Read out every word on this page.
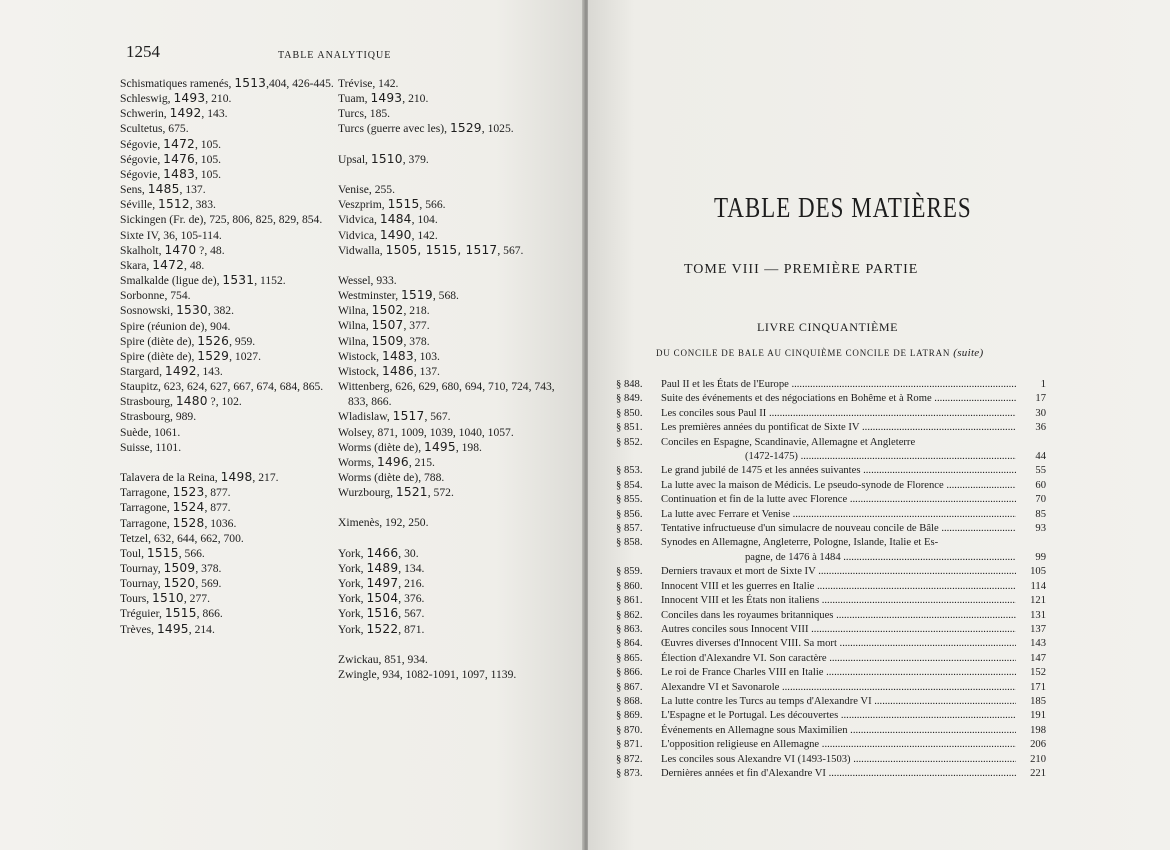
1254	TABLE ANALYTIQUE
Schismatiques ramenés, 1513,404, 426-445.
Schleswig, 1493, 210.
Schwerin, 1492, 143.
Scultetus, 675.
Ségovie, 1472, 105.
Ségovie, 1476, 105.
Ségovie, 1483, 105.
Sens, 1485, 137.
Séville, 1512, 383.
Sickingen (Fr. de), 725, 806, 825, 829, 854.
Sixte IV, 36, 105-114.
Skalholt, 1470 ?, 48.
Skara, 1472, 48.
Smalkalde (ligue de), 1531, 1152.
Sorbonne, 754.
Sosnowski, 1530, 382.
Spire (réunion de), 904.
Spire (diète de), 1526, 959.
Spire (diète de), 1529, 1027.
Stargard, 1492, 143.
Staupitz, 623, 624, 627, 667, 674, 684, 865.
Strasbourg, 1480 ?, 102.
Strasbourg, 989.
Suède, 1061.
Suisse, 1101.
Talavera de la Reina, 1498, 217.
Tarragone, 1523, 877.
Tarragone, 1524, 877.
Tarragone, 1528, 1036.
Tetzel, 632, 644, 662, 700.
Toul, 1515, 566.
Tournay, 1509, 378.
Tournay, 1520, 569.
Tours, 1510, 277.
Tréguier, 1515, 866.
Trèves, 1495, 214.
Trévise, 142.
Tuam, 1493, 210.
Turcs, 185.
Turcs (guerre avec les), 1529, 1025.
Upsal, 1510, 379.
Venise, 255.
Veszprim, 1515, 566.
Vidvica, 1484, 104.
Vidvica, 1490, 142.
Vidwalla, 1505, 1515, 1517, 567.
Wessel, 933.
Westminster, 1519, 568.
Wilna, 1502, 218.
Wilna, 1507, 377.
Wilna, 1509, 378.
Wistock, 1483, 103.
Wistock, 1486, 137.
Wittenberg, 626, 629, 680, 694, 710, 724, 743, 833, 866.
Wladislaw, 1517, 567.
Wolsey, 871, 1009, 1039, 1040, 1057.
Worms (diète de), 1495, 198.
Worms, 1496, 215.
Worms (diète de), 788.
Wurzbourg, 1521, 572.
Ximenès, 192, 250.
York, 1466, 30.
York, 1489, 134.
York, 1497, 216.
York, 1504, 376.
York, 1516, 567.
York, 1522, 871.
Zwickau, 851, 934.
Zwingle, 934, 1082-1091, 1097, 1139.
TABLE DES MATIÈRES
TOME VIII — PREMIÈRE PARTIE
LIVRE CINQUANTIÈME
DU CONCILE DE BALE AU CINQUIÈME CONCILE DE LATRAN (suite)
§ 848.	Paul II et les États de l'Europe .....	1
§ 849.	Suite des événements et des négociations en Bohême et à Rome .....	17
§ 850.	Les conciles sous Paul II .....	30
§ 851.	Les premières années du pontificat de Sixte IV .....	36
§ 852.	Conciles en Espagne, Scandinavie, Allemagne et Angleterre
(1472-1475) .....	44
§ 853.	Le grand jubilé de 1475 et les années suivantes .....	55
§ 854.	La lutte avec la maison de Médicis. Le pseudo-synode de Florence .....	60
§ 855.	Continuation et fin de la lutte avec Florence .....	70
§ 856.	La lutte avec Ferrare et Venise .....	85
§ 857.	Tentative infructueuse d'un simulacre de nouveau concile de Bâle .....	93
§ 858.	Synodes en Allemagne, Angleterre, Pologne, Islande, Italie et Es-
pagne, de 1476 à 1484 .....	99
§ 859.	Derniers travaux et mort de Sixte IV .....	105
§ 860.	Innocent VIII et les guerres en Italie .....	114
§ 861.	Innocent VIII et les États non italiens .....	121
§ 862.	Conciles dans les royaumes britanniques .....	131
§ 863.	Autres conciles sous Innocent VIII .....	137
§ 864.	Œuvres diverses d'Innocent VIII. Sa mort .....	143
§ 865.	Élection d'Alexandre VI. Son caractère .....	147
§ 866.	Le roi de France Charles VIII en Italie .....	152
§ 867.	Alexandre VI et Savonarole .....	171
§ 868.	La lutte contre les Turcs au temps d'Alexandre VI .....	185
§ 869.	L'Espagne et le Portugal. Les découvertes .....	191
§ 870.	Événements en Allemagne sous Maximilien .....	198
§ 871.	L'opposition religieuse en Allemagne .....	206
§ 872.	Les conciles sous Alexandre VI (1493-1503) .....	210
§ 873.	Dernières années et fin d'Alexandre VI .....	221
